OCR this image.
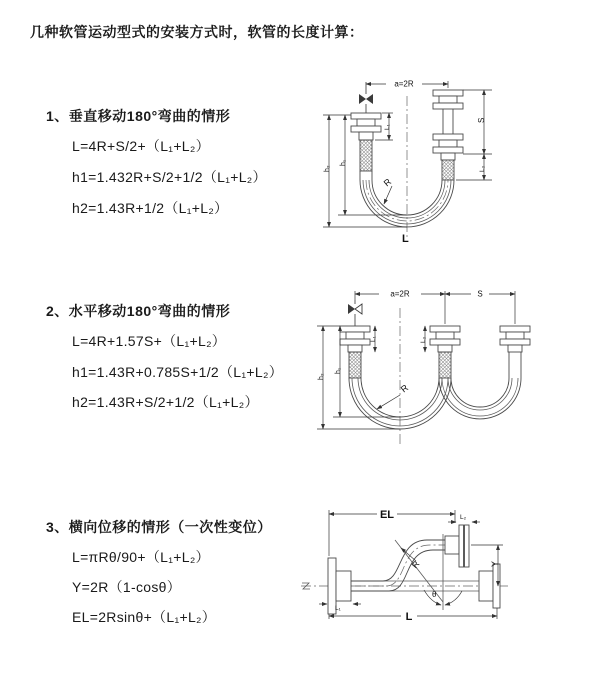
几种软管运动型式的安装方式时，软管的长度计算：
1、垂直移动180°弯曲的情形
L=4R+S/2+（L₁+L₂）
h1=1.432R+S/2+1/2（L₁+L₂）
h2=1.43R+1/2（L₁+L₂）
2、水平移动180°弯曲的情形
L=4R+1.57S+（L₁+L₂）
h1=1.43R+0.785S+1/2（L₁+L₂）
h2=1.43R+S/2+1/2（L₁+L₂）
3、横向位移的情形（一次性变位）
L=πRθ/90+（L₁+L₂）
Y=2R（1-cosθ）
EL=2Rsinθ+（L₁+L₂）
R
L
a=2R
S
L₂
L₁
h₁
h₂
a=2R	S
R
h₁
h₂
L₁	L₂
θ
R
EL	L₂
Y
L₁
L
